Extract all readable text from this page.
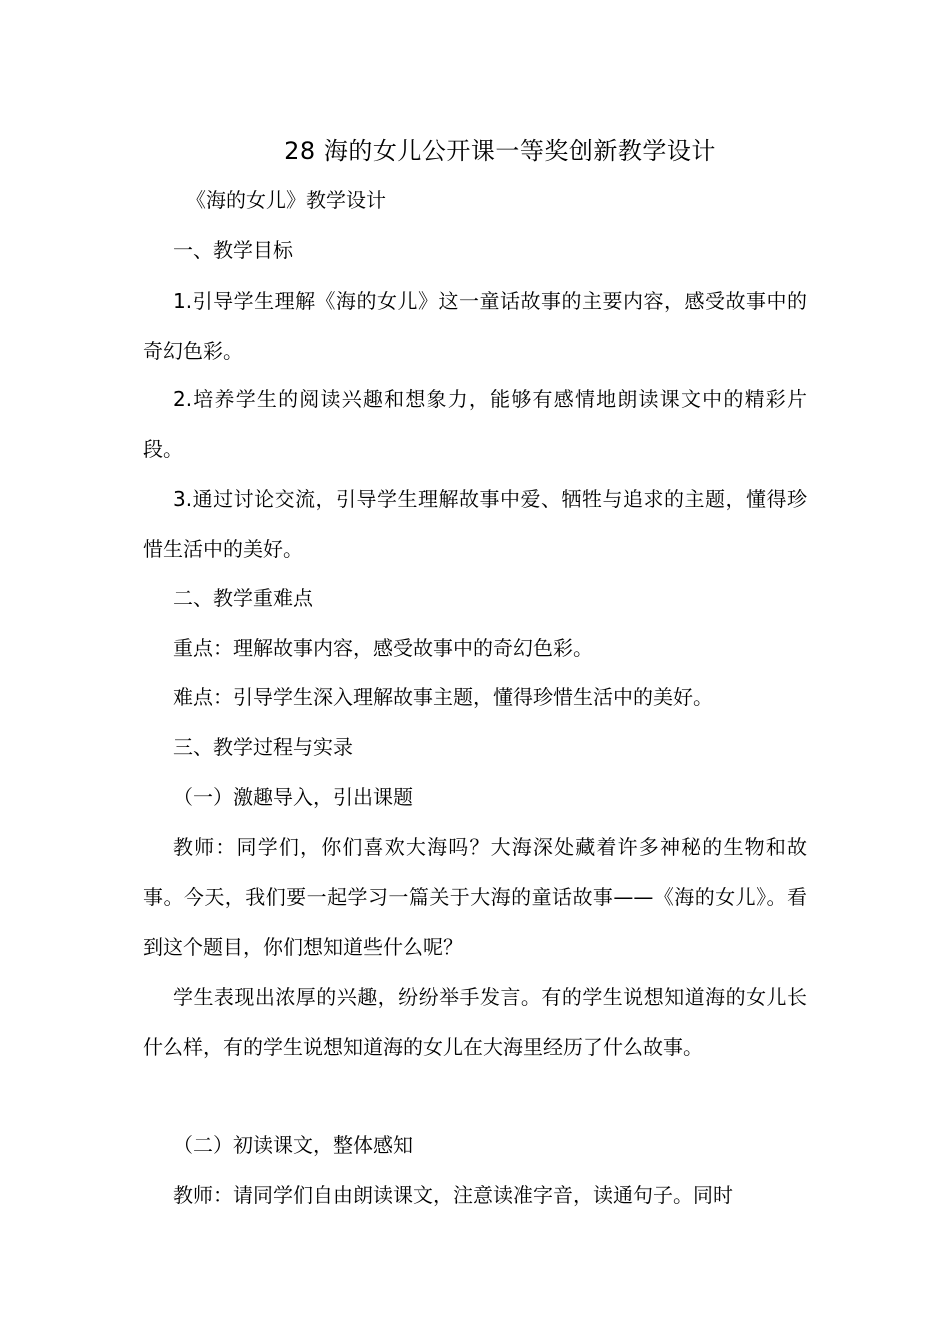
28 海的女儿公开课一等奖创新教学设计
《海的女儿》教学设计
一、教学目标

1.引导学生理解《海的女儿》这一童话故事的主要内容，感受故事中的奇幻色彩。

2.培养学生的阅读兴趣和想象力，能够有感情地朗读课文中的精彩片段。

3.通过讨论交流，引导学生理解故事中爱、牺牲与追求的主题，懂得珍惜生活中的美好。

二、教学重难点
重点：理解故事内容，感受故事中的奇幻色彩。
难点：引导学生深入理解故事主题，懂得珍惜生活中的美好。
三、教学过程与实录
（一）激趣导入，引出课题

教师：同学们，你们喜欢大海吗？大海深处藏着许多神秘的生物和故事。今天，我们要一起学习一篇关于大海的童话故事——《海的女儿》。看到这个题目，你们想知道些什么呢？

学生表现出浓厚的兴趣，纷纷举手发言。有的学生说想知道海的女儿长什么样，有的学生说想知道海的女儿在大海里经历了什么故事。

（二）初读课文，整体感知

教师：请同学们自由朗读课文，注意读准字音，读通句子。同时
